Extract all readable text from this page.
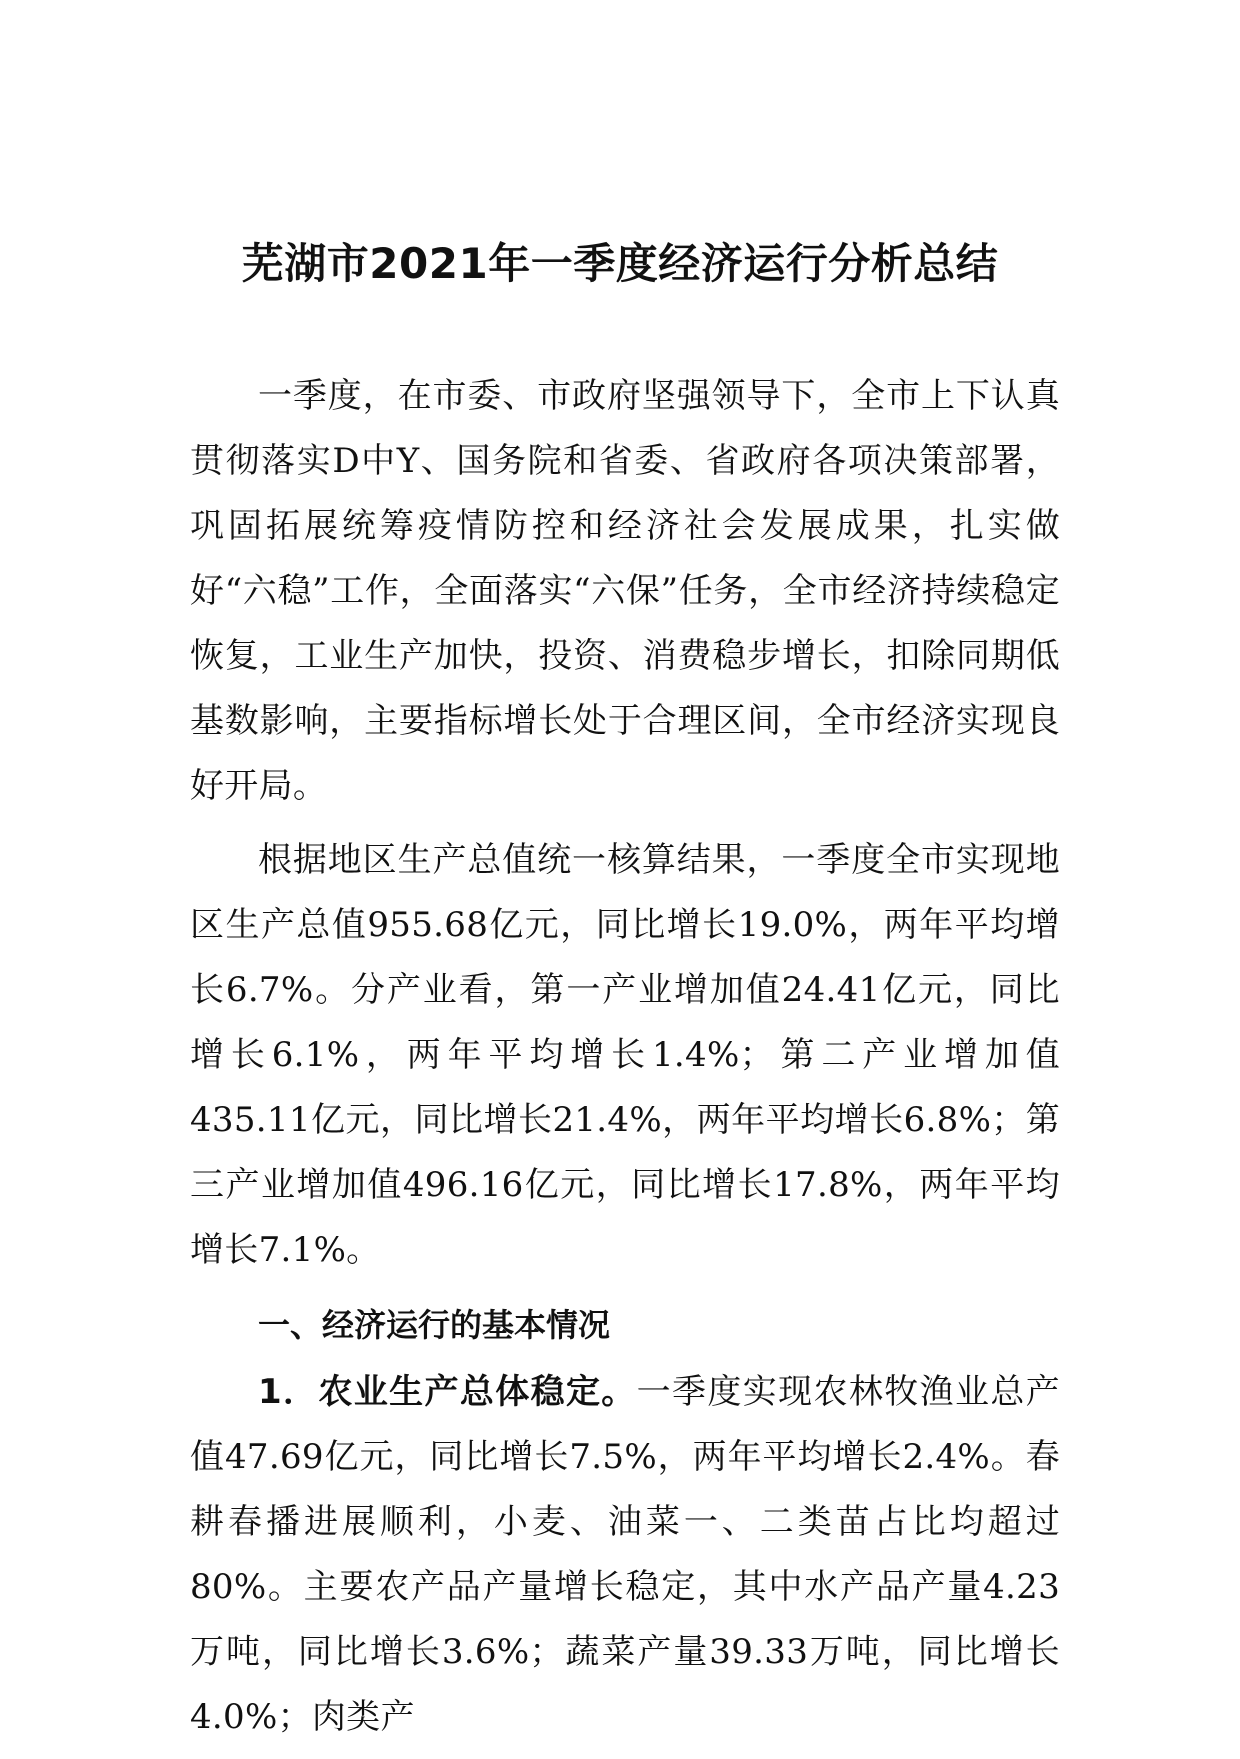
芜湖市2021年一季度经济运行分析总结

一季度，在市委、市政府坚强领导下，全市上下认真贯彻落实D中Y、国务院和省委、省政府各项决策部署，巩固拓展统筹疫情防控和经济社会发展成果，扎实做好“六稳”工作，全面落实“六保”任务，全市经济持续稳定恢复，工业生产加快，投资、消费稳步增长，扣除同期低基数影响，主要指标增长处于合理区间，全市经济实现良好开局。

根据地区生产总值统一核算结果，一季度全市实现地区生产总值955.68亿元，同比增长19.0%，两年平均增长6.7%。分产业看，第一产业增加值24.41亿元，同比增长6.1%，两年平均增长1.4%；第二产业增加值435.11亿元，同比增长21.4%，两年平均增长6.8%；第三产业增加值496.16亿元，同比增长17.8%，两年平均增长7.1%。

一、经济运行的基本情况

1．农业生产总体稳定。一季度实现农林牧渔业总产值47.69亿元，同比增长7.5%，两年平均增长2.4%。春耕春播进展顺利，小麦、油菜一、二类苗占比均超过80%。主要农产品产量增长稳定，其中水产品产量4.23万吨，同比增长3.6%；蔬菜产量39.33万吨，同比增长4.0%；肉类产
